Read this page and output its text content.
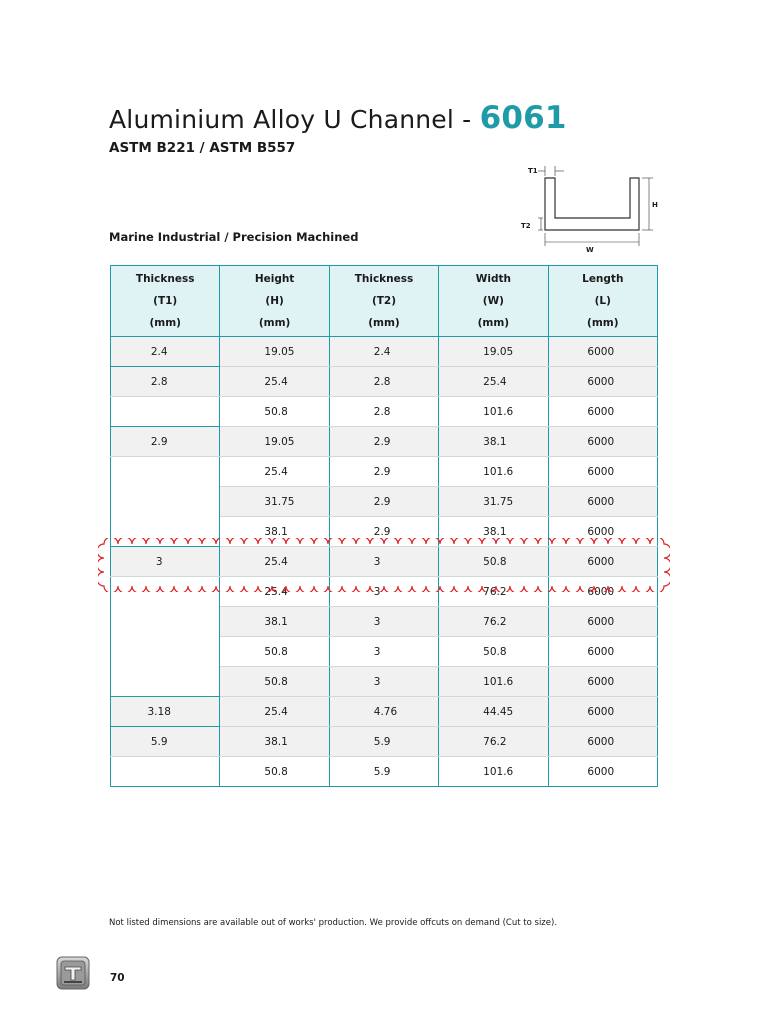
Aluminium Alloy U Channel - 6061
ASTM B221 / ASTM B557
Marine Industrial / Precision Machined
T1
H
T2
W
Thickness
(T1)
(mm)	Height
(H)
(mm)	Thickness
(T2)
(mm)	Width
(W)
(mm)	Length
(L)
(mm)
2.4	19.05	2.4	19.05	6000
2.8	25.4	2.8	25.4	6000
	50.8	2.8	101.6	6000
2.9	19.05	2.9	38.1	6000
	25.4	2.9	101.6	6000
	31.75	2.9	31.75	6000
	38.1	2.9	38.1	6000
3	25.4	3	50.8	6000
	25.4	3	76.2	6000
	38.1	3	76.2	6000
	50.8	3	50.8	6000
	50.8	3	101.6	6000
3.18	25.4	4.76	44.45	6000
5.9	38.1	5.9	76.2	6000
	50.8	5.9	101.6	6000
Not listed dimensions are available out of works' production. We provide offcuts on demand (Cut to size).
70
